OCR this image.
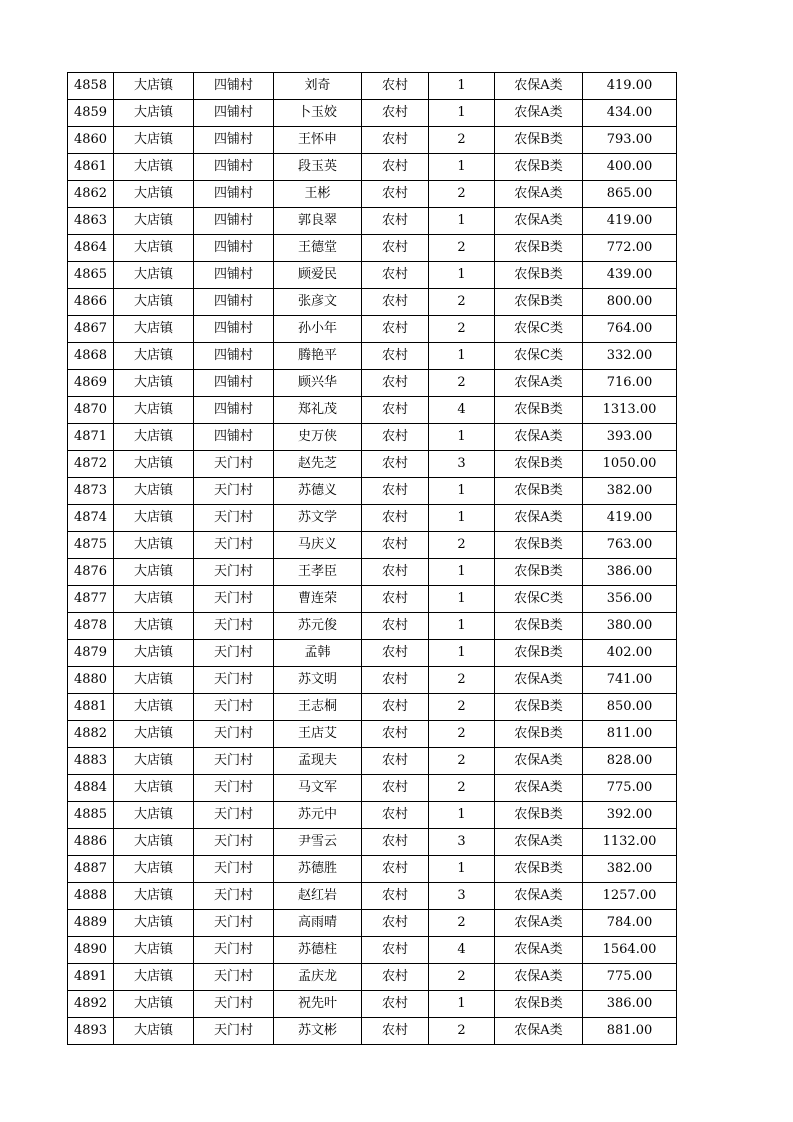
4858	大店镇	四铺村	刘奇	农村	1	农保A类	419.00
4859	大店镇	四铺村	卜玉姣	农村	1	农保A类	434.00
4860	大店镇	四铺村	王怀申	农村	2	农保B类	793.00
4861	大店镇	四铺村	段玉英	农村	1	农保B类	400.00
4862	大店镇	四铺村	王彬	农村	2	农保A类	865.00
4863	大店镇	四铺村	郭良翠	农村	1	农保A类	419.00
4864	大店镇	四铺村	王德堂	农村	2	农保B类	772.00
4865	大店镇	四铺村	顾爱民	农村	1	农保B类	439.00
4866	大店镇	四铺村	张彦文	农村	2	农保B类	800.00
4867	大店镇	四铺村	孙小年	农村	2	农保C类	764.00
4868	大店镇	四铺村	腾艳平	农村	1	农保C类	332.00
4869	大店镇	四铺村	顾兴华	农村	2	农保A类	716.00
4870	大店镇	四铺村	郑礼茂	农村	4	农保B类	1313.00
4871	大店镇	四铺村	史万侠	农村	1	农保A类	393.00
4872	大店镇	天门村	赵先芝	农村	3	农保B类	1050.00
4873	大店镇	天门村	苏德义	农村	1	农保B类	382.00
4874	大店镇	天门村	苏文学	农村	1	农保A类	419.00
4875	大店镇	天门村	马庆义	农村	2	农保B类	763.00
4876	大店镇	天门村	王孝臣	农村	1	农保B类	386.00
4877	大店镇	天门村	曹连荣	农村	1	农保C类	356.00
4878	大店镇	天门村	苏元俊	农村	1	农保B类	380.00
4879	大店镇	天门村	孟韩	农村	1	农保B类	402.00
4880	大店镇	天门村	苏文明	农村	2	农保A类	741.00
4881	大店镇	天门村	王志桐	农村	2	农保B类	850.00
4882	大店镇	天门村	王店艾	农村	2	农保B类	811.00
4883	大店镇	天门村	孟现夫	农村	2	农保A类	828.00
4884	大店镇	天门村	马文军	农村	2	农保A类	775.00
4885	大店镇	天门村	苏元中	农村	1	农保B类	392.00
4886	大店镇	天门村	尹雪云	农村	3	农保A类	1132.00
4887	大店镇	天门村	苏德胜	农村	1	农保B类	382.00
4888	大店镇	天门村	赵红岩	农村	3	农保A类	1257.00
4889	大店镇	天门村	高雨晴	农村	2	农保A类	784.00
4890	大店镇	天门村	苏德柱	农村	4	农保A类	1564.00
4891	大店镇	天门村	孟庆龙	农村	2	农保A类	775.00
4892	大店镇	天门村	祝先叶	农村	1	农保B类	386.00
4893	大店镇	天门村	苏文彬	农村	2	农保A类	881.00
